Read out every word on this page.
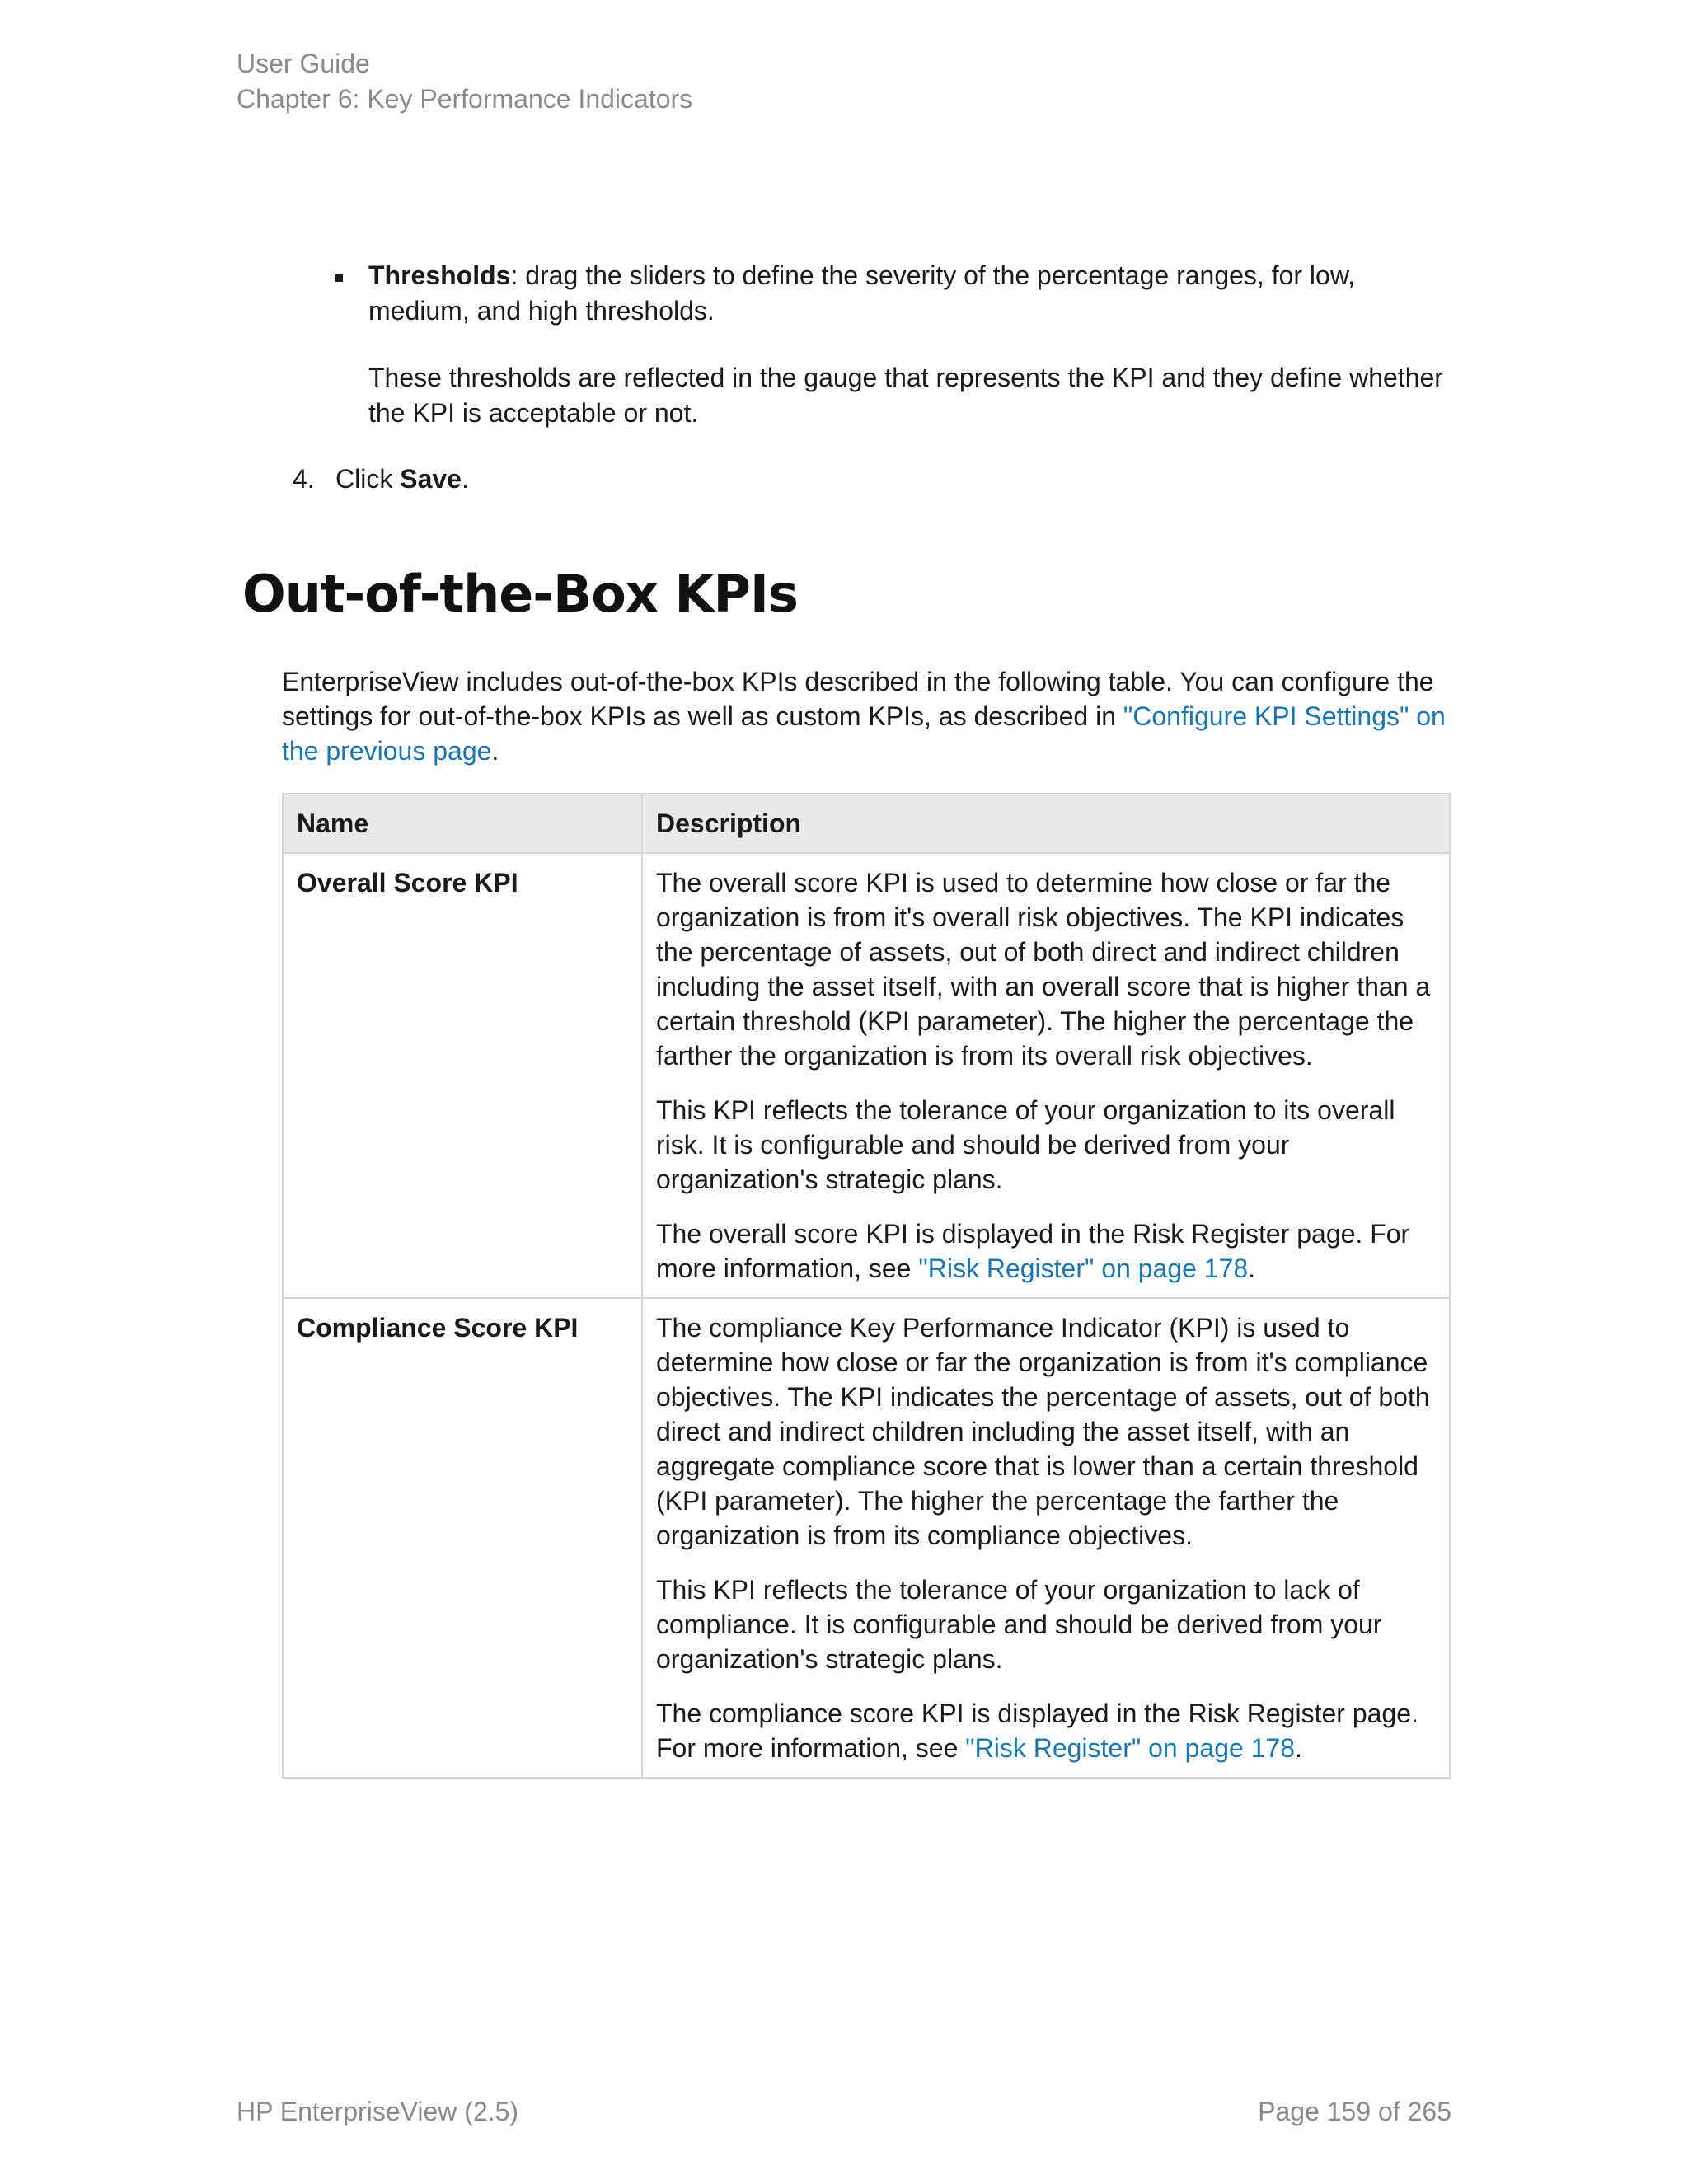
User Guide
Chapter 6: Key Performance Indicators
Thresholds: drag the sliders to define the severity of the percentage ranges, for low, medium, and high thresholds.
These thresholds are reflected in the gauge that represents the KPI and they define whether the KPI is acceptable or not.
4. Click Save.
Out-of-the-Box KPIs
EnterpriseView includes out-of-the-box KPIs described in the following table. You can configure the settings for out-of-the-box KPIs as well as custom KPIs, as described in "Configure KPI Settings" on the previous page.
Name	Description
Overall Score KPI	The overall score KPI is used to determine how close or far the organization is from it's overall risk objectives. The KPI indicates the percentage of assets, out of both direct and indirect children including the asset itself, with an overall score that is higher than a certain threshold (KPI parameter). The higher the percentage the farther the organization is from its overall risk objectives.

This KPI reflects the tolerance of your organization to its overall risk. It is configurable and should be derived from your organization's strategic plans.

The overall score KPI is displayed in the Risk Register page. For more information, see "Risk Register" on page 178.

Compliance Score KPI	The compliance Key Performance Indicator (KPI) is used to determine how close or far the organization is from it's compliance objectives. The KPI indicates the percentage of assets, out of both direct and indirect children including the asset itself, with an aggregate compliance score that is lower than a certain threshold (KPI parameter). The higher the percentage the farther the organization is from its compliance objectives.

This KPI reflects the tolerance of your organization to lack of compliance. It is configurable and should be derived from your organization's strategic plans.

The compliance score KPI is displayed in the Risk Register page. For more information, see "Risk Register" on page 178.

HP EnterpriseView (2.5)	Page 159 of 265
